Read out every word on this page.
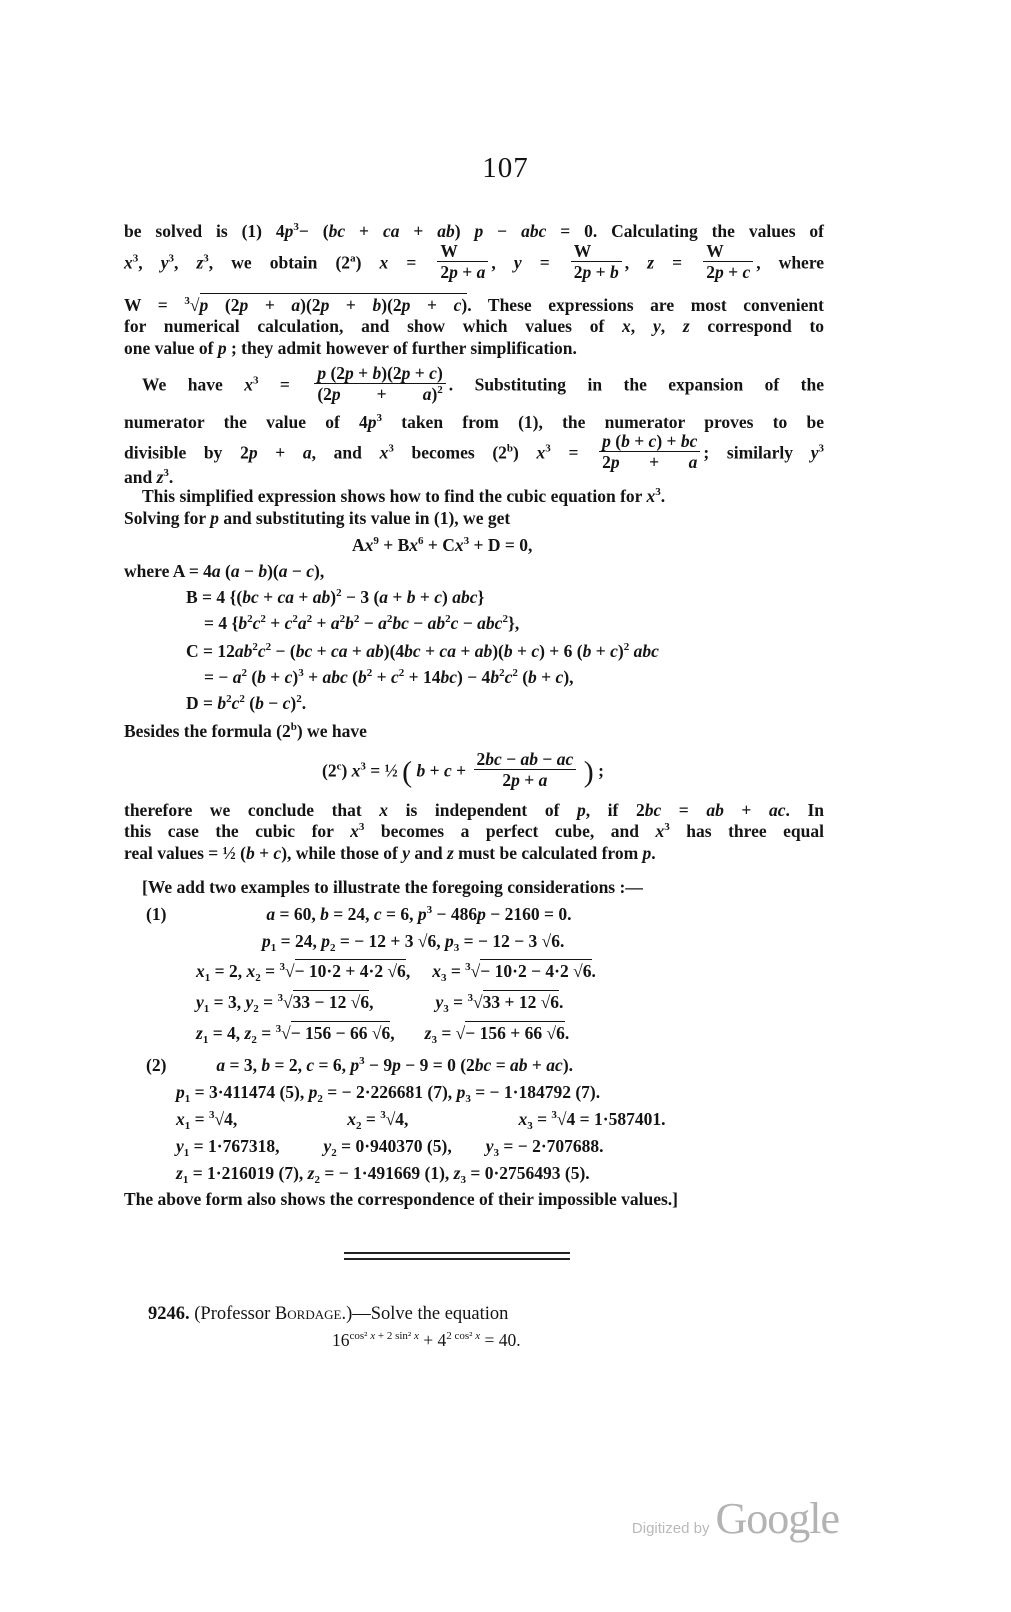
107
be solved is (1) $4p^3- (bc$ + ca + ab) p − abc = 0. Calculating the values of
$x^3$, $y^3$, $z^3$, we obtain (2$^a$) $x = \frac{W}{2p + a}$ , $y = \frac{W}{2p + b}$ , $z = \frac{W}{2p + c}$ , where
W = $^3$√p (2p + a)(2p + b)(2p + c). These expressions are most convenient
for numerical calculation, and show which values of x, y, z correspond to
one value of p ; they admit however of further simplification.
We have $x^3 = \frac{p (2p + b)(2p + c)}{(2p + a)^2}$ . Substituting in the expansion of the
numerator the value of $4p^3$ taken from (1), the numerator proves to be
divisible by 2p + a, and $x^3$ becomes (2$^b$) $x^3 = \frac{p (b + c) + bc}{2p + a}$ ; similarly $y^3$
and $z^3$.
This simplified expression shows how to find the cubic equation for $x^3$.
Solving for p and substituting its value in (1), we get
$Ax^9 + Bx^6 + Cx^3 + D = 0$,
where A = 4a (a − b)(a − c),
B = 4 {(bc + ca + ab)$^2$ − 3 (a + b + c) abc}
= 4 $\{b^2c^2 + c^2a^2 + a^2b^2 - a^2bc - ab^2c - abc^2\}$,
$C = 12ab^2c^2 - (bc$ + ca + ab)(4bc + ca + ab)(b + c) + 6 $(b + c)^2$ abc
= − $a^2$ $(b + c)^3$ + abc $(b^2 + c^2 + 14bc) - 4b^2c^2$ (b + c),
$D = b^2c^2$ $(b - c)^2$.
Besides the formula (2$^b$) we have
(2$^c$) $x^3$ = ½ ( $b + c + \frac{2bc - ab - ac}{2p + a}$ ) ;
therefore we conclude that x is independent of p, if 2bc = ab + ac. In
this case the cubic for $x^3$ becomes a perfect cube, and $x^3$ has three equal
real values = ½ (b + c), while those of y and z must be calculated from p.
[We add two examples to illustrate the foregoing considerations :—
(1)	a = 60, b = 24, c = 6, $p^3 - 486p - 2160 = 0$.
$p_1 = 24$, $p_2$ = − 12 + 3 √6, $p_3$ = − 12 − 3 √6.
$x_1 = 2$, $x_2 = ^3√- 10\cdot 2 + 4\cdot 2$ √6, $x_3 = ^3√- 10\cdot 2 - 4\cdot 2$ √6.
$y_1 = 3$, $y_2 = ^3√33 - 12$ √6,	$y_3 = ^3√33 + 12$ √6.
$z_1 = 4$, $z_2 = ^3√- 156 - 66$ √6, $z_3$ = √− 156 + 66 √6.
(2)	a = 3, b = 2, c = 6, $p^3 - 9p - 9 = 0$ (2bc = ab + ac).
$p_1 = 3\cdot 411474$ (5), $p_2$ = − 2·226681 (7), $p_3$ = − 1·184792 (7).
$x_1 = ^3√4$,	$x_2 = ^3√4$,	$x_3 = ^3√4 = 1\cdot 587401$.
$y_1 = 1\cdot 767318$,	$y_2 = 0\cdot 940370$ (5), $y_3$ = − 2·707688.
$z_1 = 1\cdot 216019$ (7), $z_2$ = − 1·491669 (1), $z_3 = 0\cdot 2756493$ (5).
The above form also shows the correspondence of their impossible values.]
9246. (Professor Bordage.)—Solve the equation
$16^{cos^2 x + 2 sin^2 x} + 4^{2 cos^2 x} = 40$.
Digitized by Google
